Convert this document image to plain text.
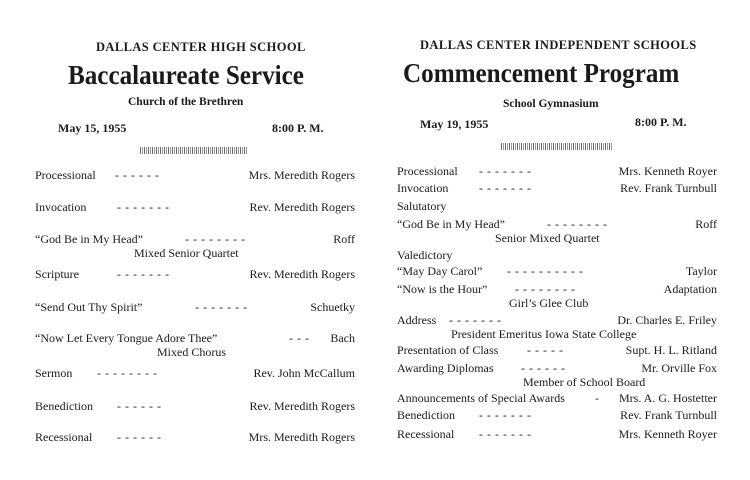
DALLAS CENTER HIGH SCHOOL
Baccalaureate Service
Church of the Brethren
May 15, 1955	8:00 P. M.
Processional - - - - - -	Mrs. Meredith Rogers
Invocation	- - - - - - -	Rev. Meredith Rogers
“God Be in My Head”	- - - - - - - -	Roff
Mixed Senior Quartet
Scripture	- - - - - - -	Rev. Meredith Rogers
“Send Out Thy Spirit”	- - - - - - -	Schuetky
“Now Let Every Tongue Adore Thee”	- - - Bach
Mixed Chorus
Sermon - - - - - - - -	Rev. John McCallum
Benediction - - - - - -	Rev. Meredith Rogers
Recessional - - - - - -	Mrs. Meredith Rogers
DALLAS CENTER INDEPENDENT SCHOOLS
Commencement Program
School Gymnasium
May 19, 1955	8:00 P. M.
Processional - - - - - - -	Mrs. Kenneth Royer
Invocation	- - - - - - -	Rev. Frank Turnbull
Salutatory
“God Be in My Head”	- - - - - - - -	Roff
Senior Mixed Quartet
Valedictory
“May Day Carol” - - - - - - - - - -	Taylor
“Now is the Hour” - - - - - - - -	Adaptation
Girl’s Glee Club
Address - - - - - - -	Dr. Charles E. Friley
President Emeritus Iowa State College
Presentation of Class - - - - -	Supt. H. L. Ritland
Awarding Diplomas - - - - - -	Mr. Orville Fox
Member of School Board
Announcements of Special Awards	- Mrs. A. G. Hostetter
Benediction - - - - - - -	Rev. Frank Turnbull
Recessional - - - - - - -	Mrs. Kenneth Royer
